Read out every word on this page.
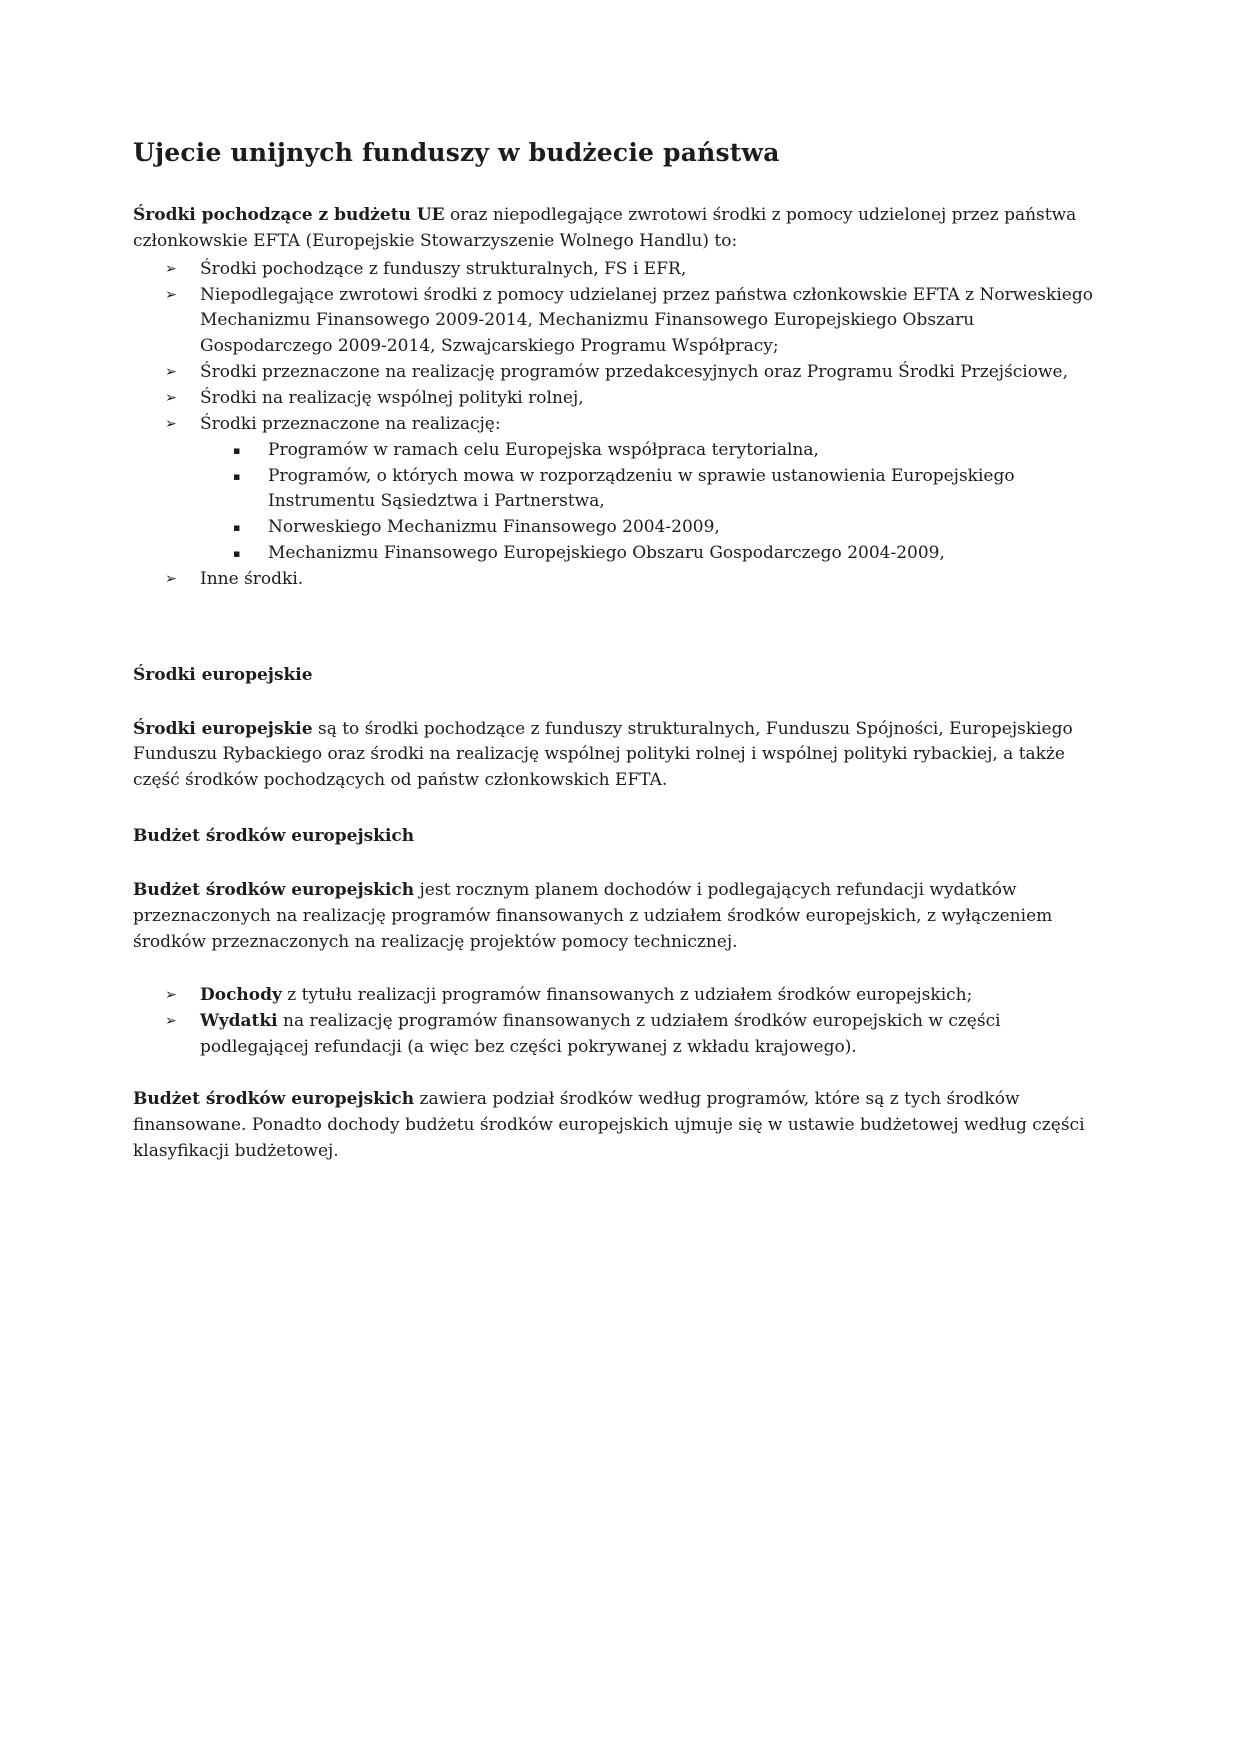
Ujecie unijnych funduszy w budżecie państwa

Środki pochodzące z budżetu UE oraz niepodlegające zwrotowi środki z pomocy udzielonej przez państwa członkowskie EFTA (Europejskie Stowarzyszenie Wolnego Handlu) to:

➢	Środki pochodzące z funduszy strukturalnych, FS i EFR,
➢	Niepodlegające zwrotowi środki z pomocy udzielanej przez państwa członkowskie EFTA z Norweskiego Mechanizmu Finansowego 2009-2014, Mechanizmu Finansowego Europejskiego Obszaru Gospodarczego 2009-2014, Szwajcarskiego Programu Współpracy;
➢	Środki przeznaczone na realizację programów przedakcesyjnych oraz Programu Środki Przejściowe,
➢	Środki na realizację wspólnej polityki rolnej,
➢	Środki przeznaczone na realizację:
▪	Programów w ramach celu Europejska współpraca terytorialna,
▪	Programów, o których mowa w rozporządzeniu w sprawie ustanowienia Europejskiego Instrumentu Sąsiedztwa i Partnerstwa,
▪	Norweskiego Mechanizmu Finansowego 2004-2009,
▪	Mechanizmu Finansowego Europejskiego Obszaru Gospodarczego 2004-2009,
➢	Inne środki.
Środki europejskie

Środki europejskie są to środki pochodzące z funduszy strukturalnych, Funduszu Spójności, Europejskiego Funduszu Rybackiego oraz środki na realizację wspólnej polityki rolnej i wspólnej polityki rybackiej, a także część środków pochodzących od państw członkowskich EFTA.

Budżet środków europejskich

Budżet środków europejskich jest rocznym planem dochodów i podlegających refundacji wydatków przeznaczonych na realizację programów finansowanych z udziałem środków europejskich, z wyłączeniem środków przeznaczonych na realizację projektów pomocy technicznej.

➢	Dochody z tytułu realizacji programów finansowanych z udziałem środków europejskich;
➢	Wydatki na realizację programów finansowanych z udziałem środków europejskich w części podlegającej refundacji (a więc bez części pokrywanej z wkładu krajowego).

Budżet środków europejskich zawiera podział środków według programów, które są z tych środków finansowane. Ponadto dochody budżetu środków europejskich ujmuje się w ustawie budżetowej według części klasyfikacji budżetowej.
